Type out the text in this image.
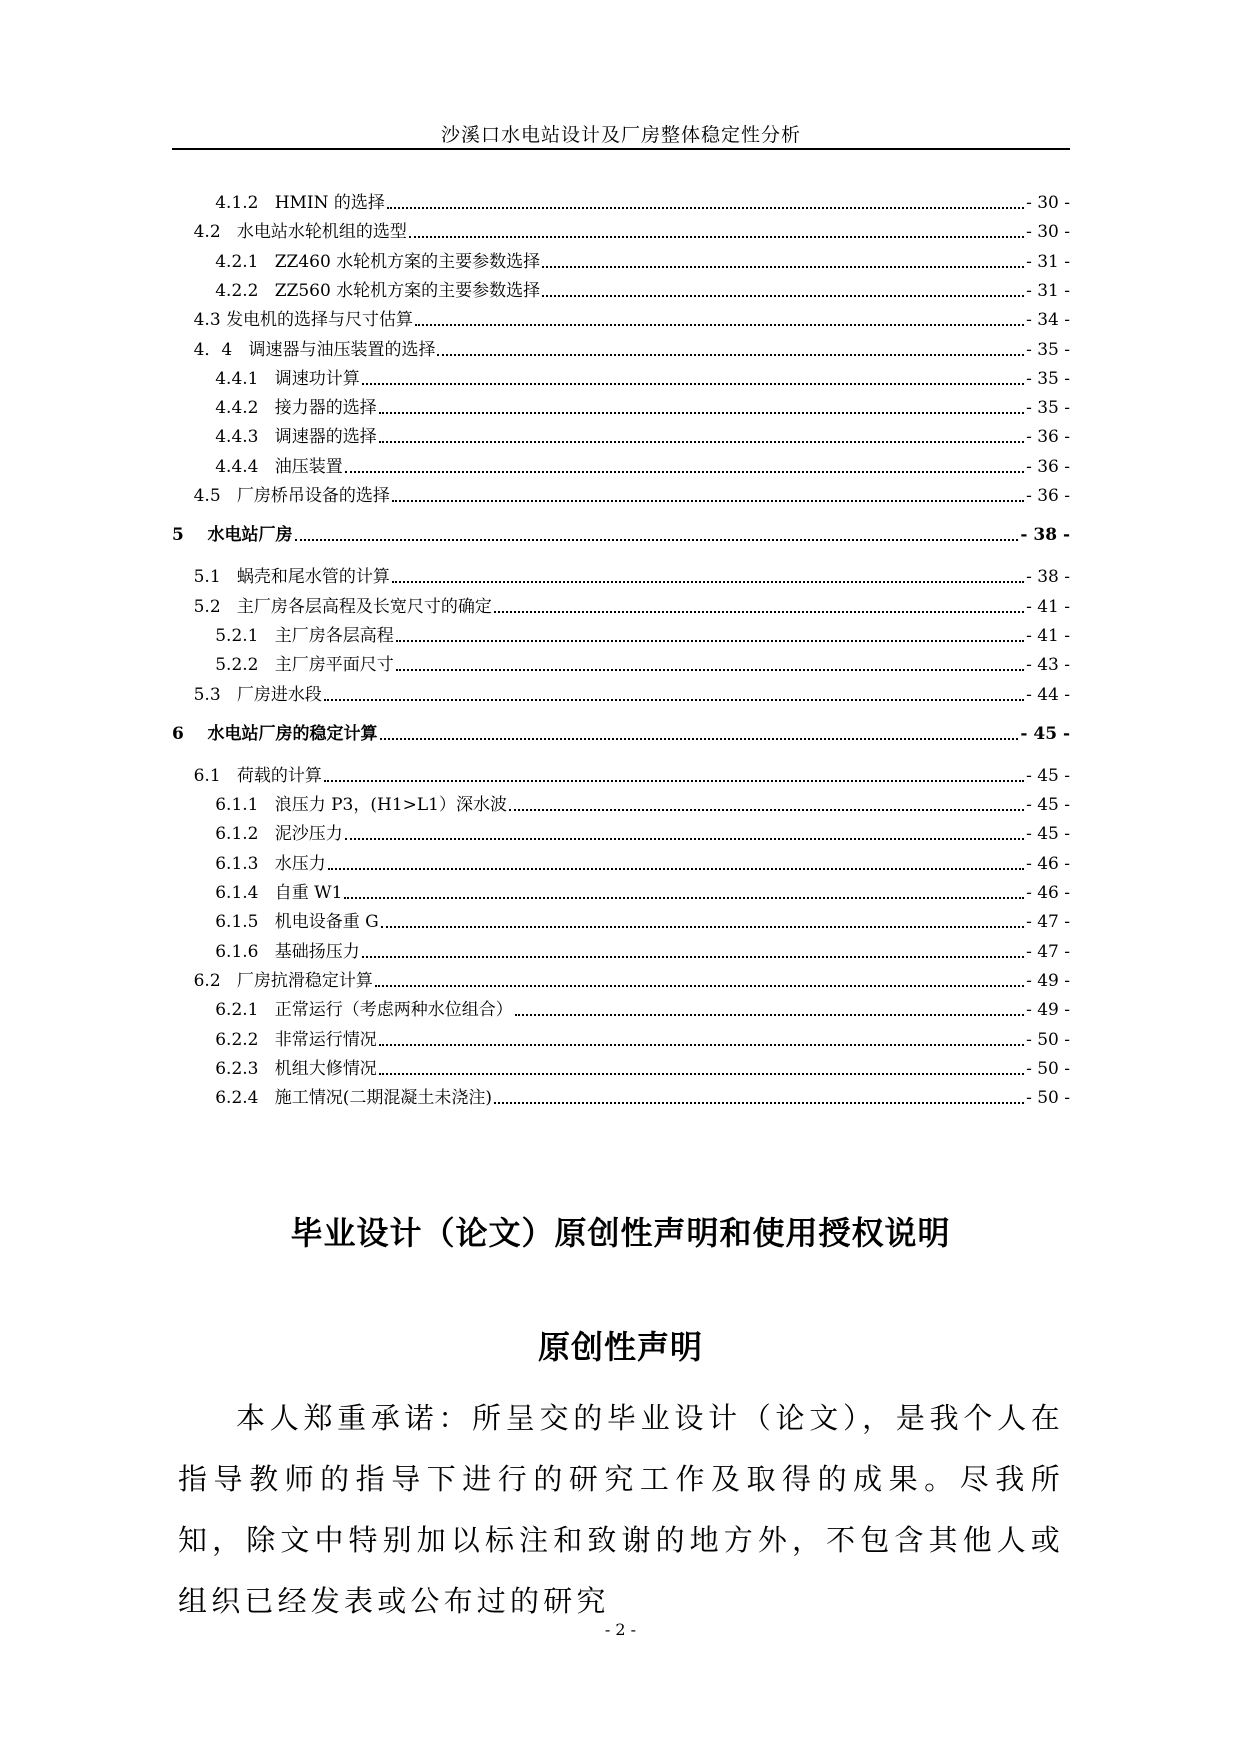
沙溪口水电站设计及厂房整体稳定性分析
4.1.2 HMIN 的选择	- 30 -
4.2 水电站水轮机组的选型	- 30 -
4.2.1 ZZ460 水轮机方案的主要参数选择	- 31 -
4.2.2 ZZ560 水轮机方案的主要参数选择	- 31 -
4.3 发电机的选择与尺寸估算	- 34 -
4．4 调速器与油压装置的选择	- 35 -
4.4.1 调速功计算	- 35 -
4.4.2 接力器的选择	- 35 -
4.4.3 调速器的选择	- 36 -
4.4.4 油压装置	- 36 -
4.5 厂房桥吊设备的选择	- 36 -
5 水电站厂房	- 38 -
5.1 蜗壳和尾水管的计算	- 38 -
5.2 主厂房各层高程及长宽尺寸的确定	- 41 -
5.2.1 主厂房各层高程	- 41 -
5.2.2 主厂房平面尺寸	- 43 -
5.3 厂房进水段	- 44 -
6 水电站厂房的稳定计算	- 45 -
6.1 荷载的计算	- 45 -
6.1.1 浪压力 P3，(H1>L1）深水波	- 45 -
6.1.2 泥沙压力	- 45 -
6.1.3 水压力	- 46 -
6.1.4 自重 W1	- 46 -
6.1.5 机电设备重 G	- 47 -
6.1.6 基础扬压力	- 47 -
6.2 厂房抗滑稳定计算	- 49 -
6.2.1 正常运行（考虑两种水位组合）	- 49 -
6.2.2 非常运行情况	- 50 -
6.2.3 机组大修情况	- 50 -
6.2.4 施工情况(二期混凝土未浇注)	- 50 -
毕业设计（论文）原创性声明和使用授权说明
原创性声明

本人郑重承诺：所呈交的毕业设计（论文），是我个人在指导教师的指导下进行的研究工作及取得的成果。尽我所知，除文中特别加以标注和致谢的地方外，不包含其他人或组织已经发表或公布过的研究

- 2 -
